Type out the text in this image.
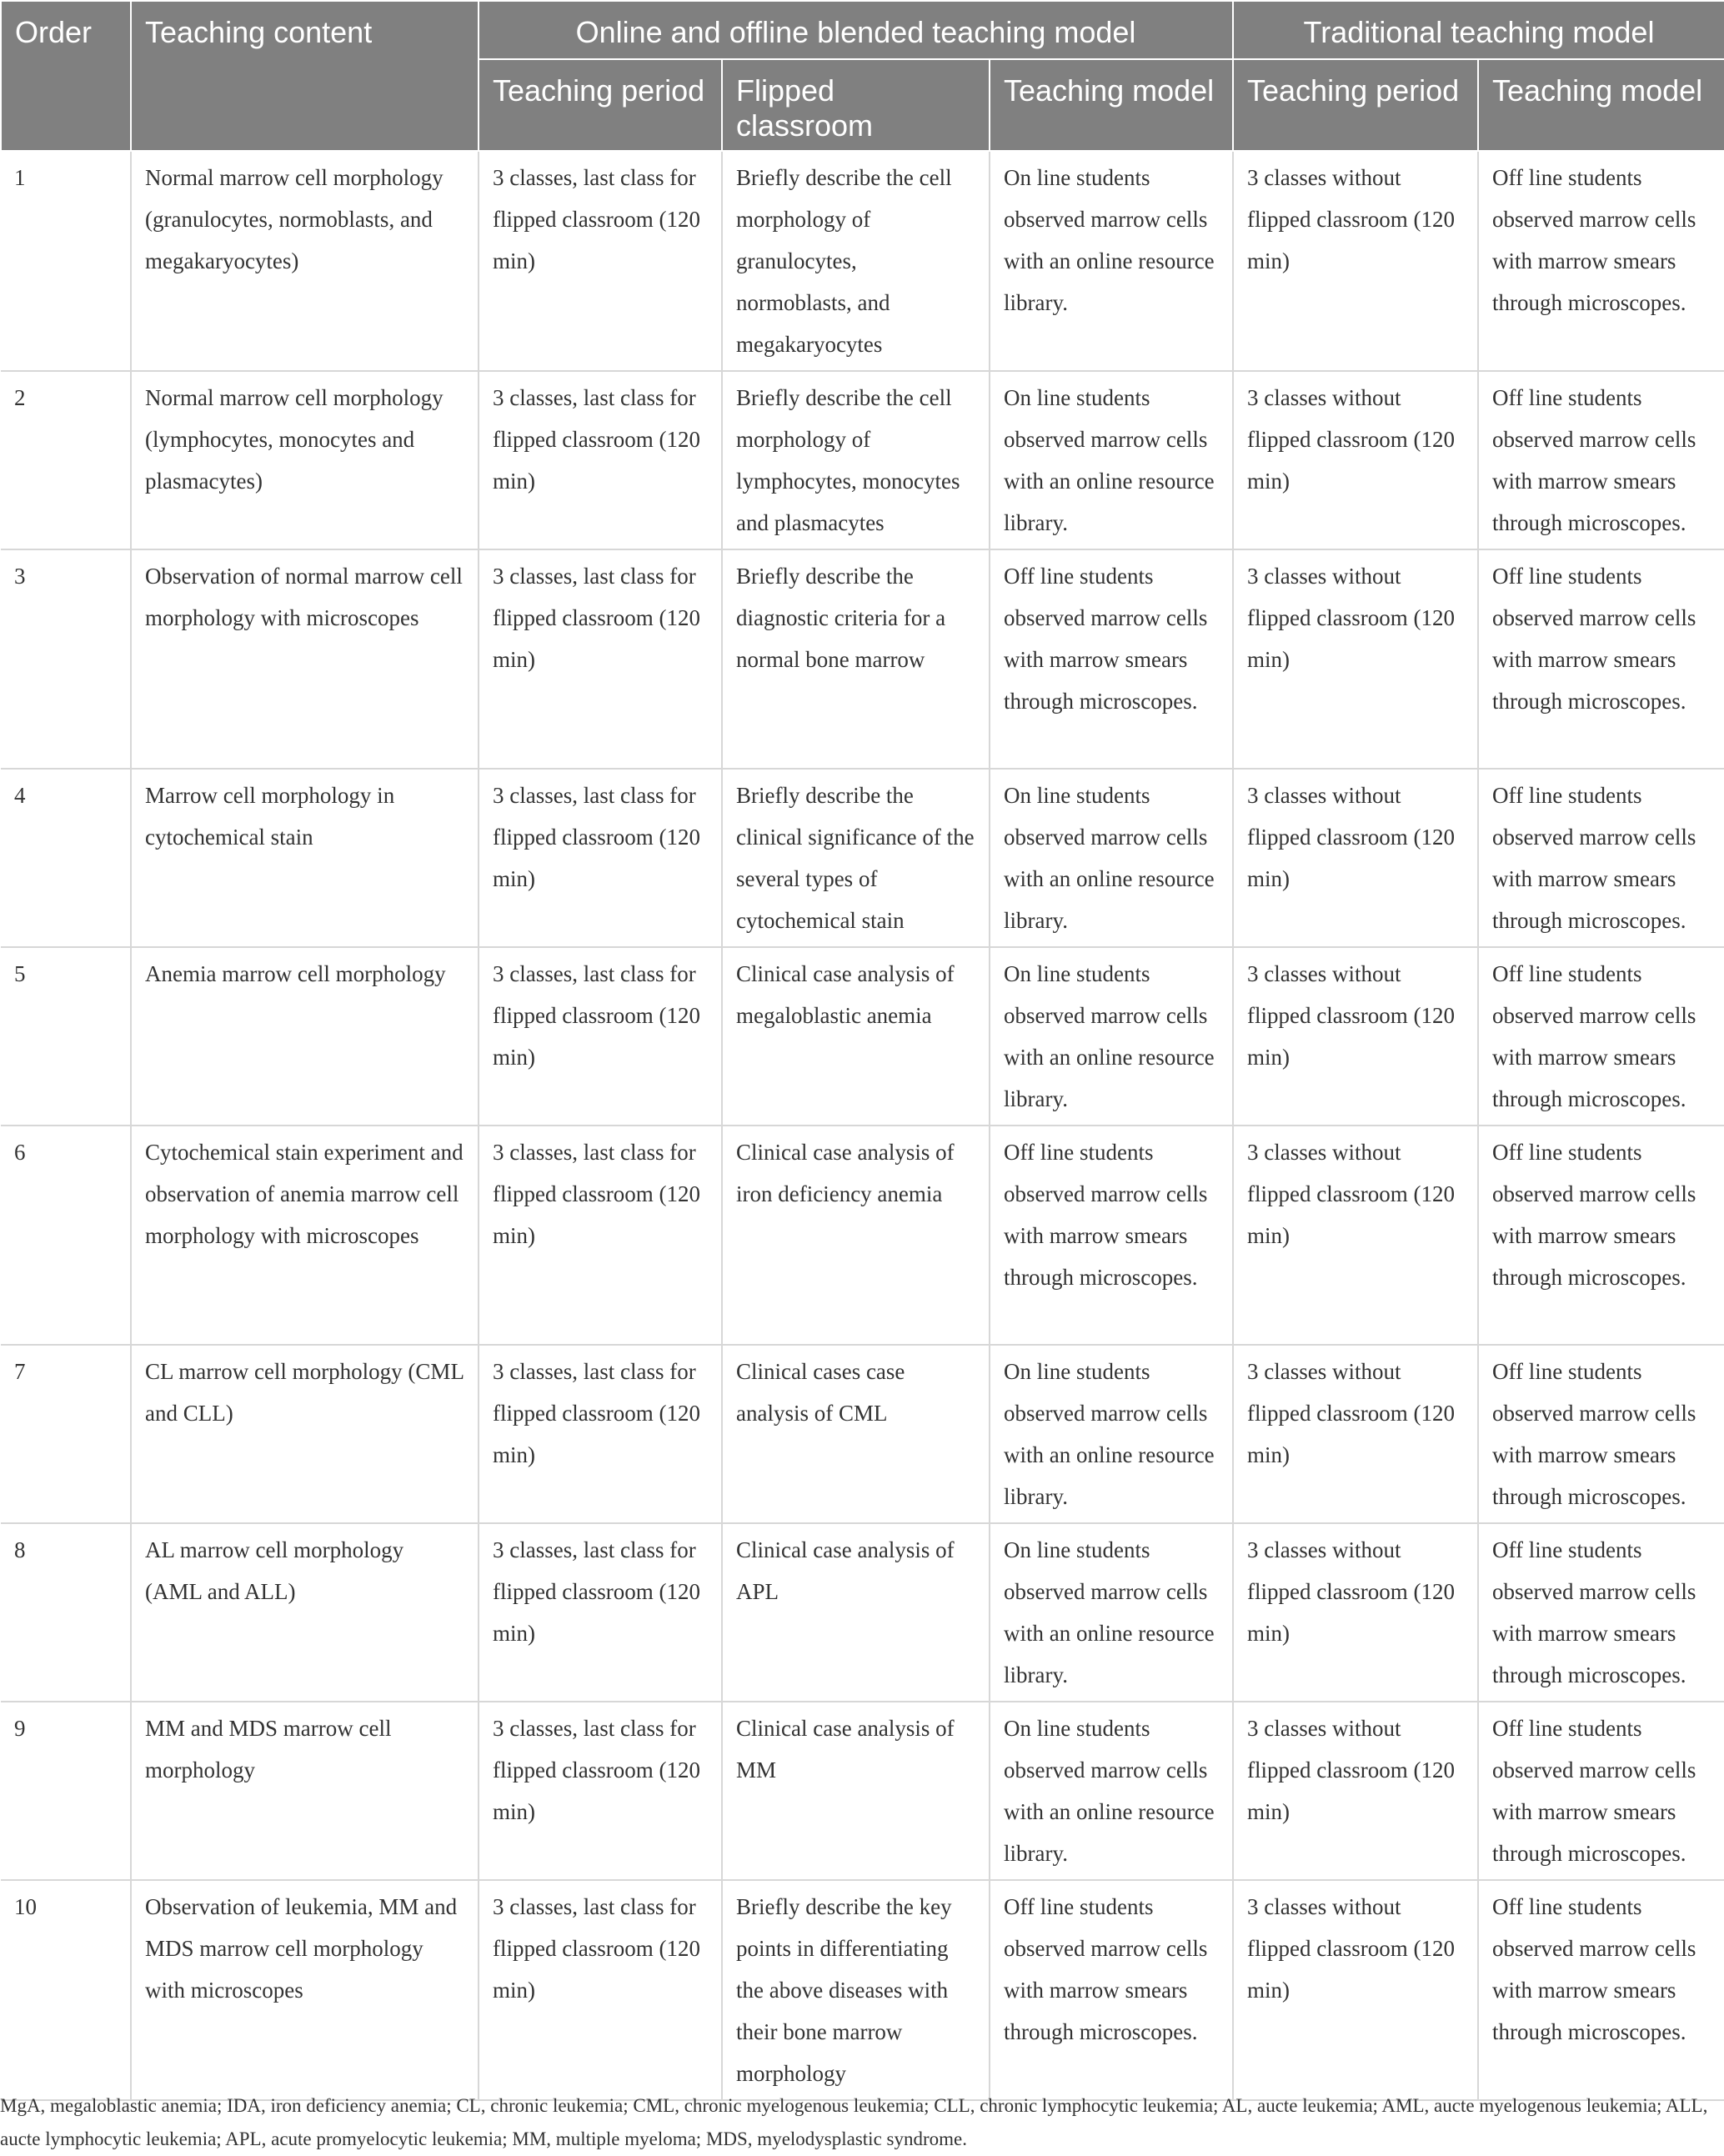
Order	Teaching content	Online and offline blended teaching model			Traditional teaching model	
		Teaching period	Flipped classroom	Teaching model	Teaching period	Teaching model
1	Normal marrow cell morphology (granulocytes, normoblasts, and megakaryocytes)	3 classes, last class for flipped classroom (120 min)	Briefly describe the cell morphology of granulocytes, normoblasts, and megakaryocytes	On line students observed marrow cells with an online resource library.	3 classes without flipped classroom (120 min)	Off line students observed marrow cells with marrow smears through microscopes.
2	Normal marrow cell morphology (lymphocytes, monocytes and plasmacytes)	3 classes, last class for flipped classroom (120 min)	Briefly describe the cell morphology of lymphocytes, monocytes and plasmacytes	On line students observed marrow cells with an online resource library.	3 classes without flipped classroom (120 min)	Off line students observed marrow cells with marrow smears through microscopes.
3	Observation of normal marrow cell morphology with microscopes	3 classes, last class for flipped classroom (120 min)	Briefly describe the diagnostic criteria for a normal bone marrow	Off line students observed marrow cells with marrow smears through microscopes.	3 classes without flipped classroom (120 min)	Off line students observed marrow cells with marrow smears through microscopes.
4	Marrow cell morphology in cytochemical stain	3 classes, last class for flipped classroom (120 min)	Briefly describe the clinical significance of the several types of cytochemical stain	On line students observed marrow cells with an online resource library.	3 classes without flipped classroom (120 min)	Off line students observed marrow cells with marrow smears through microscopes.
5	Anemia marrow cell morphology	3 classes, last class for flipped classroom (120 min)	Clinical case analysis of megaloblastic anemia	On line students observed marrow cells with an online resource library.	3 classes without flipped classroom (120 min)	Off line students observed marrow cells with marrow smears through microscopes.
6	Cytochemical stain experiment and observation of anemia marrow cell morphology with microscopes	3 classes, last class for flipped classroom (120 min)	Clinical case analysis of iron deficiency anemia	Off line students observed marrow cells with marrow smears through microscopes.	3 classes without flipped classroom (120 min)	Off line students observed marrow cells with marrow smears through microscopes.
7	CL marrow cell morphology (CML and CLL)	3 classes, last class for flipped classroom (120 min)	Clinical cases case analysis of CML	On line students observed marrow cells with an online resource library.	3 classes without flipped classroom (120 min)	Off line students observed marrow cells with marrow smears through microscopes.
8	AL marrow cell morphology (AML and ALL)	3 classes, last class for flipped classroom (120 min)	Clinical case analysis of APL	On line students observed marrow cells with an online resource library.	3 classes without flipped classroom (120 min)	Off line students observed marrow cells with marrow smears through microscopes.
9	MM and MDS marrow cell morphology	3 classes, last class for flipped classroom (120 min)	Clinical case analysis of MM	On line students observed marrow cells with an online resource library.	3 classes without flipped classroom (120 min)	Off line students observed marrow cells with marrow smears through microscopes.
10	Observation of leukemia, MM and MDS marrow cell morphology with microscopes	3 classes, last class for flipped classroom (120 min)	Briefly describe the key points in differentiating the above diseases with their bone marrow morphology	Off line students observed marrow cells with marrow smears through microscopes.	3 classes without flipped classroom (120 min)	Off line students observed marrow cells with marrow smears through microscopes.
MgA, megaloblastic anemia; IDA, iron deficiency anemia; CL, chronic leukemia; CML, chronic myelogenous leukemia; CLL, chronic lymphocytic leukemia; AL, aucte leukemia; AML, aucte myelogenous leukemia; ALL, aucte lymphocytic leukemia; APL, acute promyelocytic leukemia; MM, multiple myeloma; MDS, myelodysplastic syndrome.
